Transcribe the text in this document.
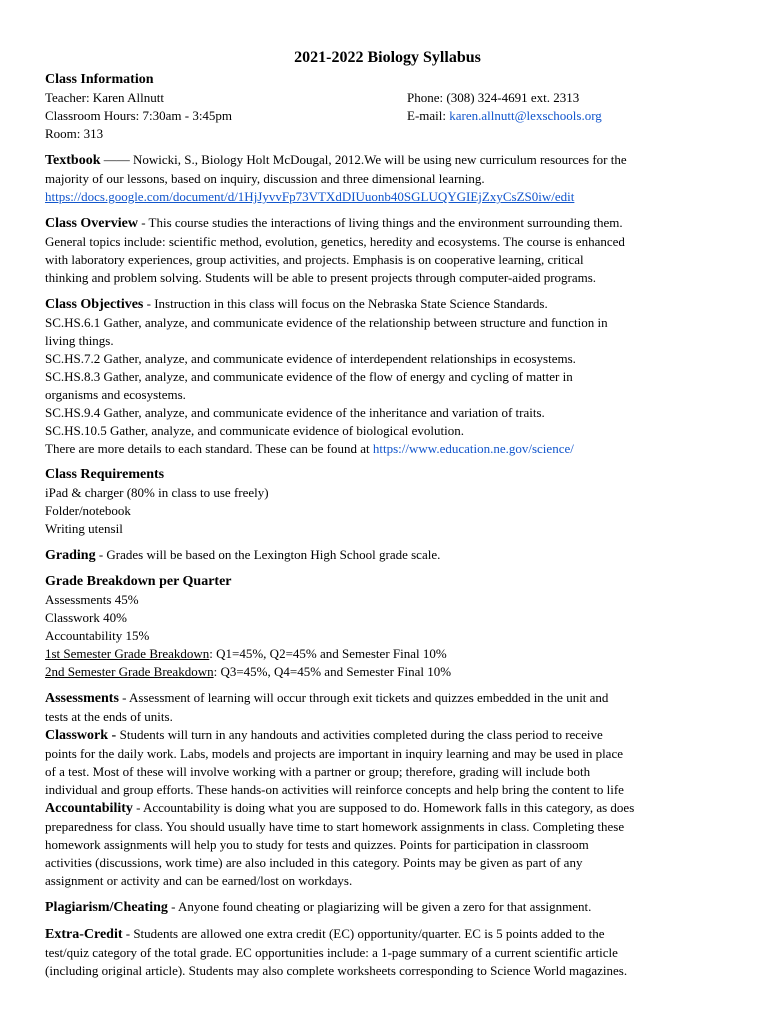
2021-2022 Biology Syllabus
Class Information
Teacher: Karen Allnutt
Classroom Hours: 7:30am - 3:45pm
Room: 313
Phone: (308) 324-4691 ext. 2313
E-mail: karen.allnutt@lexschools.org
Textbook —— Nowicki, S., Biology Holt McDougal, 2012.We will be using new curriculum resources for the
majority of our lessons, based on inquiry, discussion and three dimensional learning.
https://docs.google.com/document/d/1HjJyvvFp73VTXdDIUuonb40SGLUQYGIEjZxyCsZS0iw/edit
Class Overview - This course studies the interactions of living things and the environment surrounding them.
General topics include: scientific method, evolution, genetics, heredity and ecosystems. The course is enhanced
with laboratory experiences, group activities, and projects. Emphasis is on cooperative learning, critical
thinking and problem solving. Students will be able to present projects through computer-aided programs.
Class Objectives - Instruction in this class will focus on the Nebraska State Science Standards.
SC.HS.6.1 Gather, analyze, and communicate evidence of the relationship between structure and function in
living things.
SC.HS.7.2 Gather, analyze, and communicate evidence of interdependent relationships in ecosystems.
SC.HS.8.3 Gather, analyze, and communicate evidence of the flow of energy and cycling of matter in
organisms and ecosystems.
SC.HS.9.4 Gather, analyze, and communicate evidence of the inheritance and variation of traits.
SC.HS.10.5 Gather, analyze, and communicate evidence of biological evolution.
There are more details to each standard. These can be found at https://www.education.ne.gov/science/
Class Requirements
iPad & charger (80% in class to use freely)
Folder/notebook
Writing utensil
Grading - Grades will be based on the Lexington High School grade scale.
Grade Breakdown per Quarter
Assessments 45%
Classwork 40%
Accountability 15%
1st Semester Grade Breakdown: Q1=45%, Q2=45% and Semester Final 10%
2nd Semester Grade Breakdown: Q3=45%, Q4=45% and Semester Final 10%
Assessments - Assessment of learning will occur through exit tickets and quizzes embedded in the unit and
tests at the ends of units.
Classwork - Students will turn in any handouts and activities completed during the class period to receive
points for the daily work. Labs, models and projects are important in inquiry learning and may be used in place
of a test. Most of these will involve working with a partner or group; therefore, grading will include both
individual and group efforts. These hands-on activities will reinforce concepts and help bring the content to life
Accountability - Accountability is doing what you are supposed to do. Homework falls in this category, as does
preparedness for class. You should usually have time to start homework assignments in class. Completing these
homework assignments will help you to study for tests and quizzes. Points for participation in classroom
activities (discussions, work time) are also included in this category. Points may be given as part of any
assignment or activity and can be earned/lost on workdays.
Plagiarism/Cheating - Anyone found cheating or plagiarizing will be given a zero for that assignment.
Extra-Credit - Students are allowed one extra credit (EC) opportunity/quarter. EC is 5 points added to the
test/quiz category of the total grade. EC opportunities include: a 1-page summary of a current scientific article
(including original article). Students may also complete worksheets corresponding to Science World magazines.
